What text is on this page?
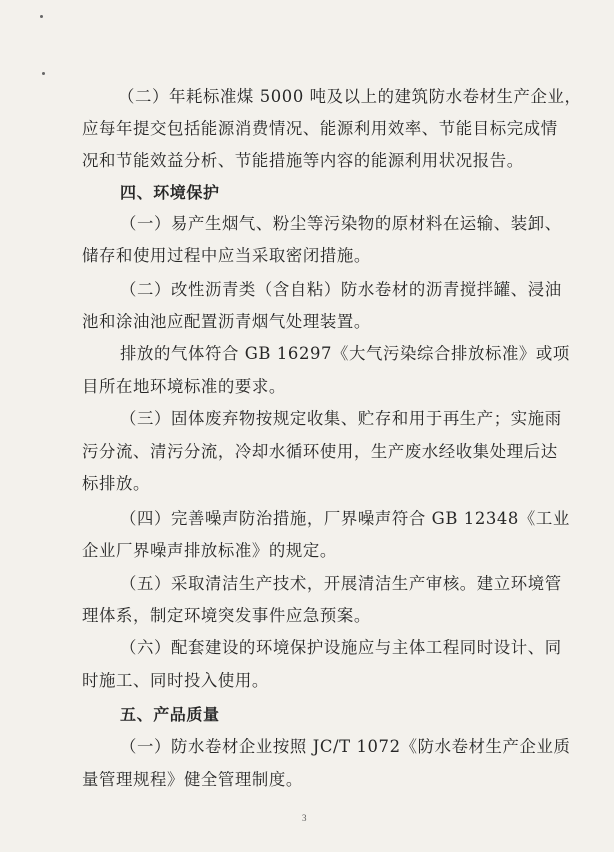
（二）年耗标准煤 5000 吨及以上的建筑防水卷材生产企业，
应每年提交包括能源消费情况、能源利用效率、节能目标完成情
况和节能效益分析、节能措施等内容的能源利用状况报告。
四、环境保护
（一）易产生烟气、粉尘等污染物的原材料在运输、装卸、
储存和使用过程中应当采取密闭措施。
（二）改性沥青类（含自粘）防水卷材的沥青搅拌罐、浸油
池和涂油池应配置沥青烟气处理装置。
排放的气体符合 GB 16297《大气污染综合排放标准》或项
目所在地环境标准的要求。
（三）固体废弃物按规定收集、贮存和用于再生产；实施雨
污分流、清污分流，冷却水循环使用，生产废水经收集处理后达
标排放。
（四）完善噪声防治措施，厂界噪声符合 GB 12348《工业
企业厂界噪声排放标准》的规定。
（五）采取清洁生产技术，开展清洁生产审核。建立环境管
理体系，制定环境突发事件应急预案。
（六）配套建设的环境保护设施应与主体工程同时设计、同
时施工、同时投入使用。
五、产品质量
（一）防水卷材企业按照 JC/T 1072《防水卷材生产企业质
量管理规程》健全管理制度。
3
